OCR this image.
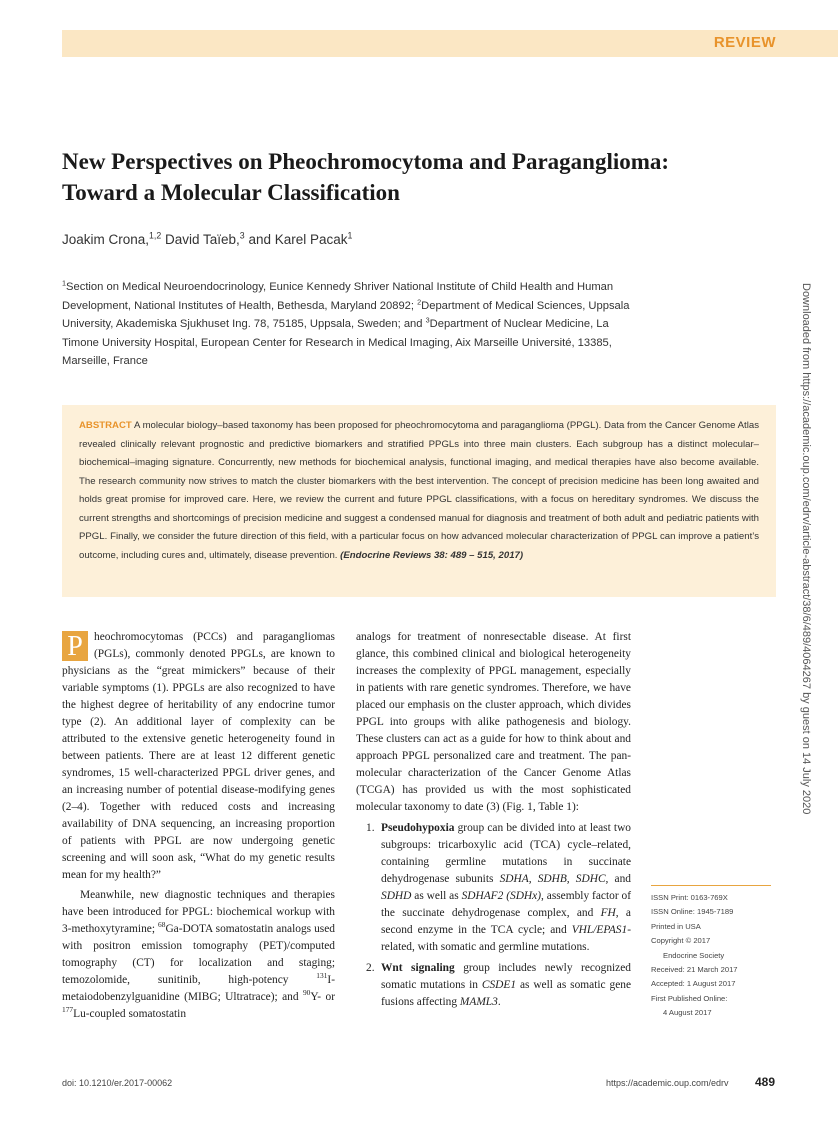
REVIEW
New Perspectives on Pheochromocytoma and Paraganglioma: Toward a Molecular Classification
Joakim Crona,$^{1,2}$ David Taïeb,$^3$ and Karel Pacak$^1$
$^1$Section on Medical Neuroendocrinology, Eunice Kennedy Shriver National Institute of Child Health and Human Development, National Institutes of Health, Bethesda, Maryland 20892; $^2$Department of Medical Sciences, Uppsala University, Akademiska Sjukhuset Ing. 78, 75185, Uppsala, Sweden; and $^3$Department of Nuclear Medicine, La Timone University Hospital, European Center for Research in Medical Imaging, Aix Marseille Université, 13385, Marseille, France	Downloaded from https://academic.oup.com/edrv/article-abstract/38/6/489/4064267 by guest on 14 July 2020
ABSTRACT A molecular biology–based taxonomy has been proposed for pheochromocytoma and paraganglioma (PPGL). Data from the Cancer Genome Atlas revealed clinically relevant prognostic and predictive biomarkers and stratified PPGLs into three main clusters. Each subgroup has a distinct molecular–biochemical–imaging signature. Concurrently, new methods for biochemical analysis, functional imaging, and medical therapies have also become available. The research community now strives to match the cluster biomarkers with the best intervention. The concept of precision medicine has been long awaited and holds great promise for improved care. Here, we review the current and future PPGL classifications, with a focus on hereditary syndromes. We discuss the current strengths and shortcomings of precision medicine and suggest a condensed manual for diagnosis and treatment of both adult and pediatric patients with PPGL. Finally, we consider the future direction of this field, with a particular focus on how advanced molecular characterization of PPGL can improve a patient’s outcome, including cures and, ultimately, disease prevention. (Endocrine Reviews 38: 489 – 515, 2017)

P heochromocytomas (PCCs) and paragangliomas (PGLs), commonly denoted PPGLs, are known to physicians as the “great mimickers” because of their variable symptoms (1). PPGLs are also recognized to have the highest degree of heritability of any endocrine tumor type (2). An additional layer of complexity can be attributed to the extensive genetic heterogeneity found in between patients. There are at least 12 different genetic syndromes, 15 well-characterized PPGL driver genes, and an increasing number of potential disease-modifying genes (2–4). Together with reduced costs and increasing availability of DNA sequencing, an increasing proportion of patients with PPGL are now undergoing genetic screening and will soon ask, “What do my genetic results mean for my health?”

Meanwhile, new diagnostic techniques and therapies have been introduced for PPGL: biochemical workup with 3-methoxytyramine; $^{68}$Ga-DOTA somatostatin analogs used with positron emission tomography (PET)/computed tomography (CT) for localization and staging; temozolomide, sunitinib, high-potency $^{131}$I-metaiodobenzylguanidine (MIBG; Ultratrace); and $^{90}$Y- or $^{177}$Lu-coupled somatostatin

analogs for treatment of nonresectable disease. At first glance, this combined clinical and biological heterogeneity increases the complexity of PPGL management, especially in patients with rare genetic syndromes. Therefore, we have placed our emphasis on the cluster approach, which divides PPGL into groups with alike pathogenesis and biology. These clusters can act as a guide for how to think about and approach PPGL personalized care and treatment. The pan-molecular characterization of the Cancer Genome Atlas (TCGA) has provided us with the most sophisticated molecular taxonomy to date (3) (Fig. 1, Table 1):

1. Pseudohypoxia group can be divided into at least two subgroups: tricarboxylic acid (TCA) cycle–related, containing germline mutations in succinate dehydrogenase subunits SDHA, SDHB, SDHC, and SDHD as well as SDHAF2 (SDHx), assembly factor of the succinate dehydrogenase complex, and FH, a second enzyme in the TCA cycle; and VHL/EPAS1-related, with somatic and germline mutations.
2. Wnt signaling group includes newly recognized somatic mutations in CSDE1 as well as somatic gene fusions affecting MAML3.
ISSN Print: 0163-769X
ISSN Online: 1945-7189
Printed in USA
Copyright © 2017
Endocrine Society
Received: 21 March 2017
Accepted: 1 August 2017
First Published Online:
4 August 2017
doi: 10.1210/er.2017-00062	https://academic.oup.com/edrv 489
